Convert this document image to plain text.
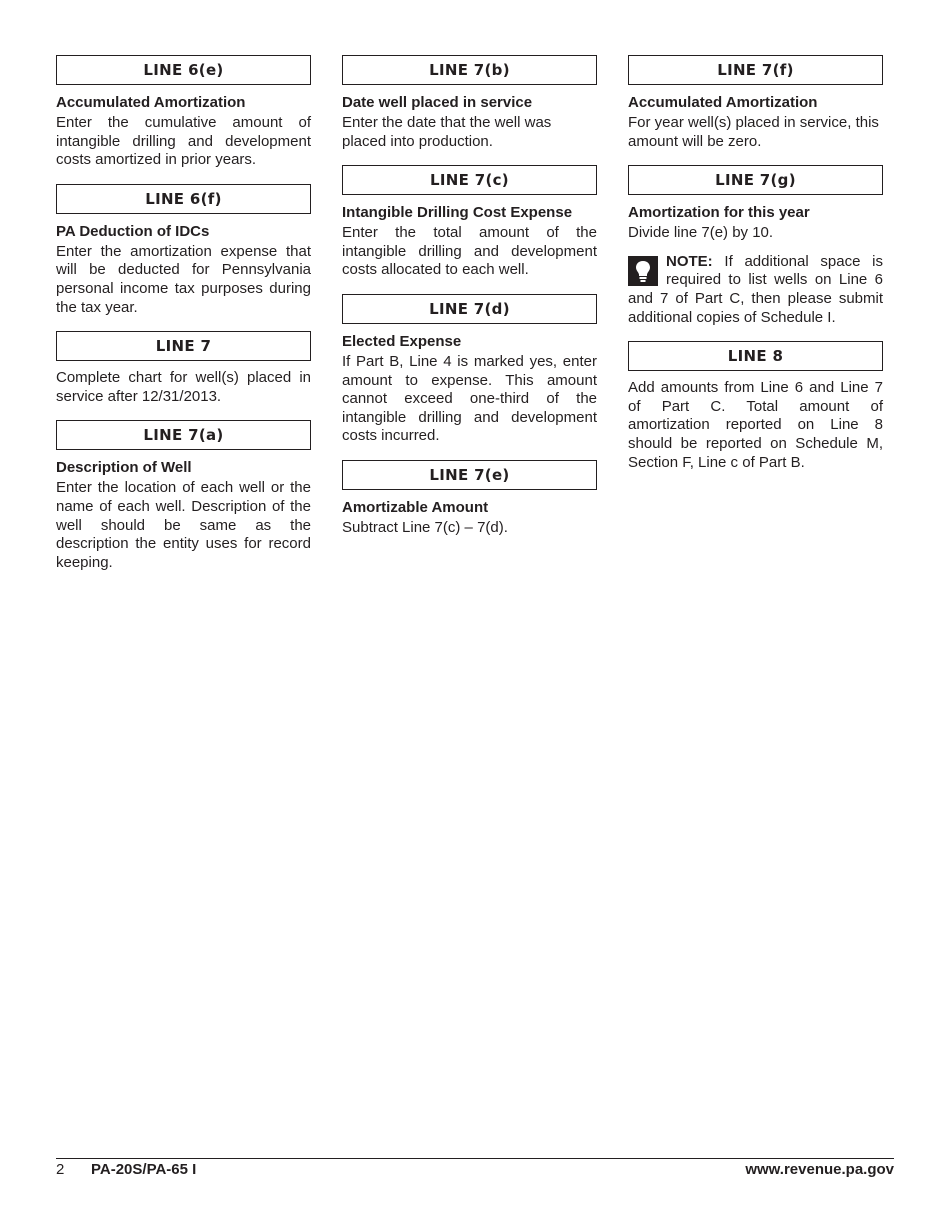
LINE 6(e)
Accumulated Amortization

Enter the cumulative amount of intangible drilling and development costs amortized in prior years.

LINE 6(f)
PA Deduction of IDCs

Enter the amortization expense that will be deducted for Pennsylvania personal income tax purposes during the tax year.

LINE 7

Complete chart for well(s) placed in service after 12/31/2013.

LINE 7(a)
Description of Well

Enter the location of each well or the name of each well. Description of the well should be same as the description the entity uses for record keeping.

LINE 7(b)
Date well placed in service

Enter the date that the well was placed into production.

LINE 7(c)
Intangible Drilling Cost Expense

Enter the total amount of the intangible drilling and development costs allocated to each well.

LINE 7(d)
Elected Expense

If Part B, Line 4 is marked yes, enter amount to expense. This amount cannot exceed one-third of the intangible drilling and development costs incurred.

LINE 7(e)
Amortizable Amount

Subtract Line 7(c) – 7(d).

LINE 7(f)
Accumulated Amortization

For year well(s) placed in service, this amount will be zero.

LINE 7(g)
Amortization for this year

Divide line 7(e) by 10.

NOTE: If additional space is required to list wells on Line 6 and 7 of Part C, then please submit additional copies of Schedule I.

LINE 8

Add amounts from Line 6 and Line 7 of Part C. Total amount of amortization reported on Line 8 should be reported on Schedule M, Section F, Line c of Part B.

2 PA-20S/PA-65 I	www.revenue.pa.gov
